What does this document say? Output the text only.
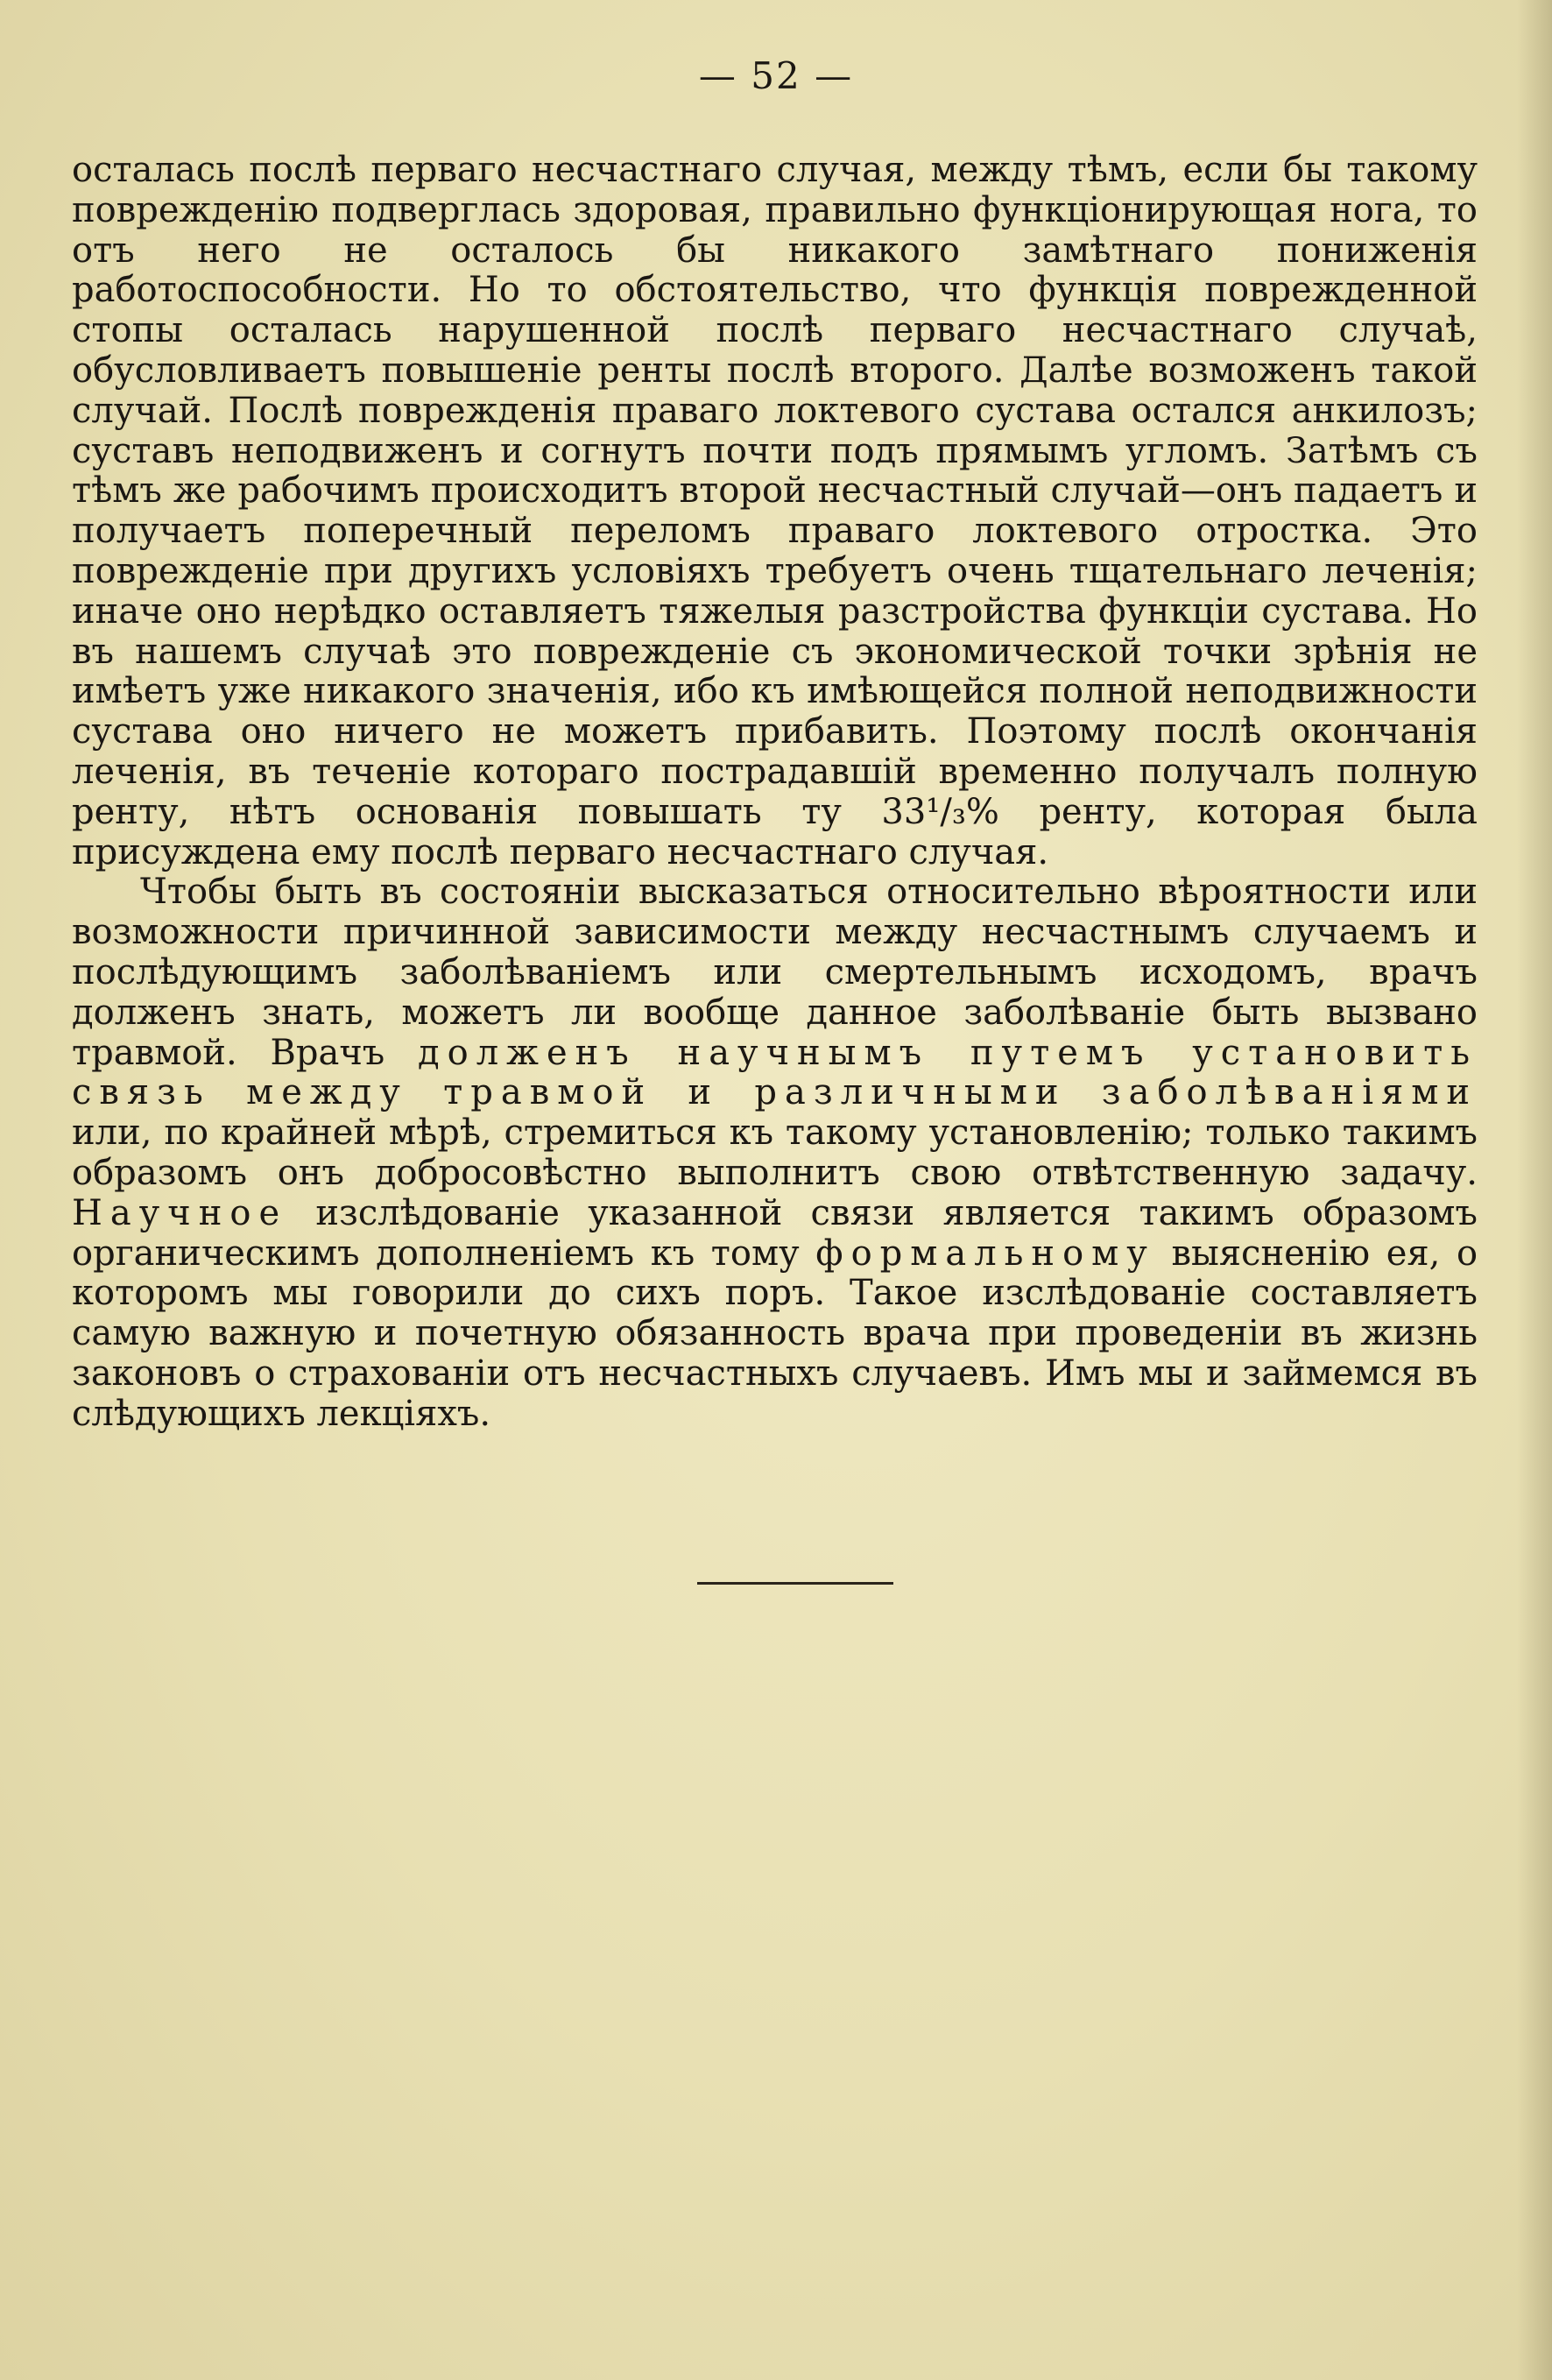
— 52 —

осталась послѣ перваго несчастнаго случая, между тѣмъ, если бы такому поврежденію подверглась здоровая, правильно функціонирующая нога, то отъ него не осталось бы никакого замѣтнаго пониженія работоспособности. Но то обстоятельство, что функція поврежденной стопы осталась нарушенной послѣ перваго несчастнаго случаѣ, обусловливаетъ повышеніе ренты послѣ второго. Далѣе возможенъ такой случай. Послѣ поврежденія праваго локтевого сустава остался анкилозъ; суставъ неподвиженъ и согнутъ почти подъ прямымъ угломъ. Затѣмъ съ тѣмъ же рабочимъ происходитъ второй несчастный случай—онъ падаетъ и получаетъ поперечный переломъ праваго локтевого отростка. Это поврежденіе при другихъ условіяхъ требуетъ очень тщательнаго леченія; иначе оно нерѣдко оставляетъ тяжелыя разстройства функціи сустава. Но въ нашемъ случаѣ это поврежденіе съ экономической точки зрѣнія не имѣетъ уже никакого значенія, ибо къ имѣющейся полной неподвижности сустава оно ничего не можетъ прибавить. Поэтому послѣ окончанія леченія, въ теченіе котораго пострадавшій временно получалъ полную ренту, нѣтъ основанія повышать ту 33¹/₃% ренту, которая была присуждена ему послѣ перваго несчастнаго случая.

Чтобы быть въ состояніи высказаться относительно вѣроятности или возможности причинной зависимости между несчастнымъ случаемъ и послѣдующимъ заболѣваніемъ или смертельнымъ исходомъ, врачъ долженъ знать, можетъ ли вообще данное заболѣваніе быть вызвано травмой. Врачъ долженъ научнымъ путемъ установить связь между травмой и различными заболѣваніями или, по крайней мѣрѣ, стремиться къ такому установленію; только такимъ образомъ онъ добросовѣстно выполнитъ свою отвѣтственную задачу. Научное изслѣдованіе указанной связи является такимъ образомъ органическимъ дополненіемъ къ тому формальному выясненію ея, о которомъ мы говорили до сихъ поръ. Такое изслѣдованіе составляетъ самую важную и почетную обязанность врача при проведеніи въ жизнь законовъ о страхованіи отъ несчастныхъ случаевъ. Имъ мы и займемся въ слѣдующихъ лекціяхъ.
